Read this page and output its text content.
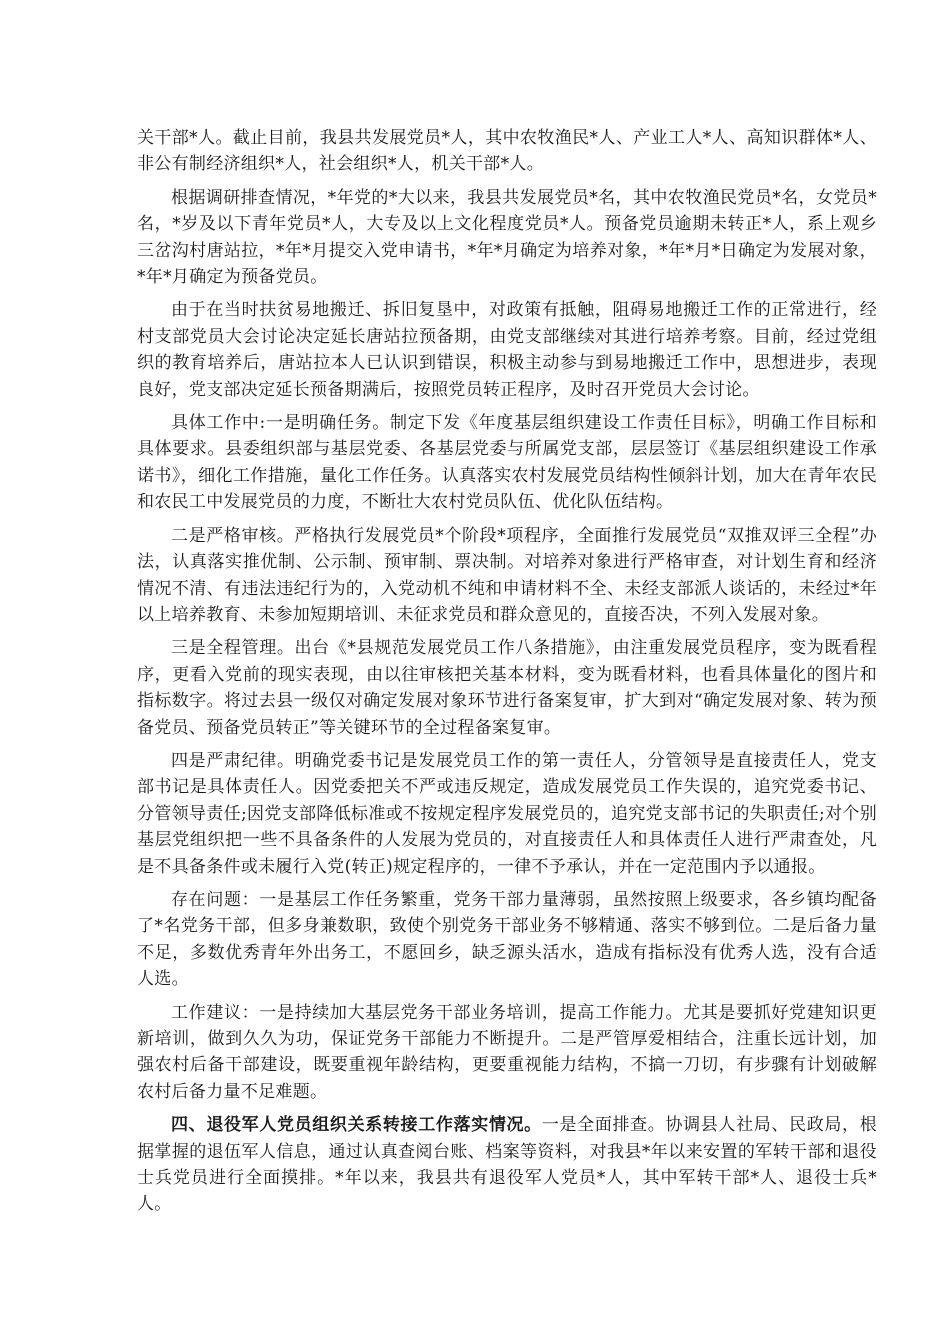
关干部*人。截止目前，我县共发展党员*人，其中农牧渔民*人、产业工人*人、高知识群体*人、非公有制经济组织*人，社会组织*人，机关干部*人。

根据调研排查情况，*年党的*大以来，我县共发展党员*名，其中农牧渔民党员*名，女党员*名，*岁及以下青年党员*人，大专及以上文化程度党员*人。预备党员逾期未转正*人，系上观乡三岔沟村唐站拉，*年*月提交入党申请书，*年*月确定为培养对象，*年*月*日确定为发展对象，*年*月确定为预备党员。

由于在当时扶贫易地搬迁、拆旧复垦中，对政策有抵触，阻碍易地搬迁工作的正常进行，经村支部党员大会讨论决定延长唐站拉预备期，由党支部继续对其进行培养考察。目前，经过党组织的教育培养后，唐站拉本人已认识到错误，积极主动参与到易地搬迁工作中，思想进步，表现良好，党支部决定延长预备期满后，按照党员转正程序，及时召开党员大会讨论。

具体工作中:一是明确任务。制定下发《年度基层组织建设工作责任目标》，明确工作目标和具体要求。县委组织部与基层党委、各基层党委与所属党支部，层层签订《基层组织建设工作承诺书》，细化工作措施，量化工作任务。认真落实农村发展党员结构性倾斜计划，加大在青年农民和农民工中发展党员的力度，不断壮大农村党员队伍、优化队伍结构。

二是严格审核。严格执行发展党员*个阶段*项程序，全面推行发展党员“双推双评三全程”办法，认真落实推优制、公示制、预审制、票决制。对培养对象进行严格审查，对计划生育和经济情况不清、有违法违纪行为的，入党动机不纯和申请材料不全、未经支部派人谈话的，未经过*年以上培养教育、未参加短期培训、未征求党员和群众意见的，直接否决，不列入发展对象。

三是全程管理。出台《*县规范发展党员工作八条措施》，由注重发展党员程序，变为既看程序，更看入党前的现实表现，由以往审核把关基本材料，变为既看材料，也看具体量化的图片和指标数字。将过去县一级仅对确定发展对象环节进行备案复审，扩大到对“确定发展对象、转为预备党员、预备党员转正”等关键环节的全过程备案复审。

四是严肃纪律。明确党委书记是发展党员工作的第一责任人，分管领导是直接责任人，党支部书记是具体责任人。因党委把关不严或违反规定，造成发展党员工作失误的，追究党委书记、分管领导责任;因党支部降低标准或不按规定程序发展党员的，追究党支部书记的失职责任;对个别基层党组织把一些不具备条件的人发展为党员的，对直接责任人和具体责任人进行严肃查处，凡是不具备条件或未履行入党(转正)规定程序的，一律不予承认，并在一定范围内予以通报。

存在问题：一是基层工作任务繁重，党务干部力量薄弱，虽然按照上级要求，各乡镇均配备了*名党务干部，但多身兼数职，致使个别党务干部业务不够精通、落实不够到位。二是后备力量不足，多数优秀青年外出务工，不愿回乡，缺乏源头活水，造成有指标没有优秀人选，没有合适人选。

工作建议：一是持续加大基层党务干部业务培训，提高工作能力。尤其是要抓好党建知识更新培训，做到久久为功，保证党务干部能力不断提升。二是严管厚爱相结合，注重长远计划，加强农村后备干部建设，既要重视年龄结构，更要重视能力结构，不搞一刀切，有步骤有计划破解农村后备力量不足难题。

四、退役军人党员组织关系转接工作落实情况。一是全面排查。协调县人社局、民政局，根据掌握的退伍军人信息，通过认真查阅台账、档案等资料，对我县*年以来安置的军转干部和退役士兵党员进行全面摸排。*年以来，我县共有退役军人党员*人，其中军转干部*人、退役士兵*人。
